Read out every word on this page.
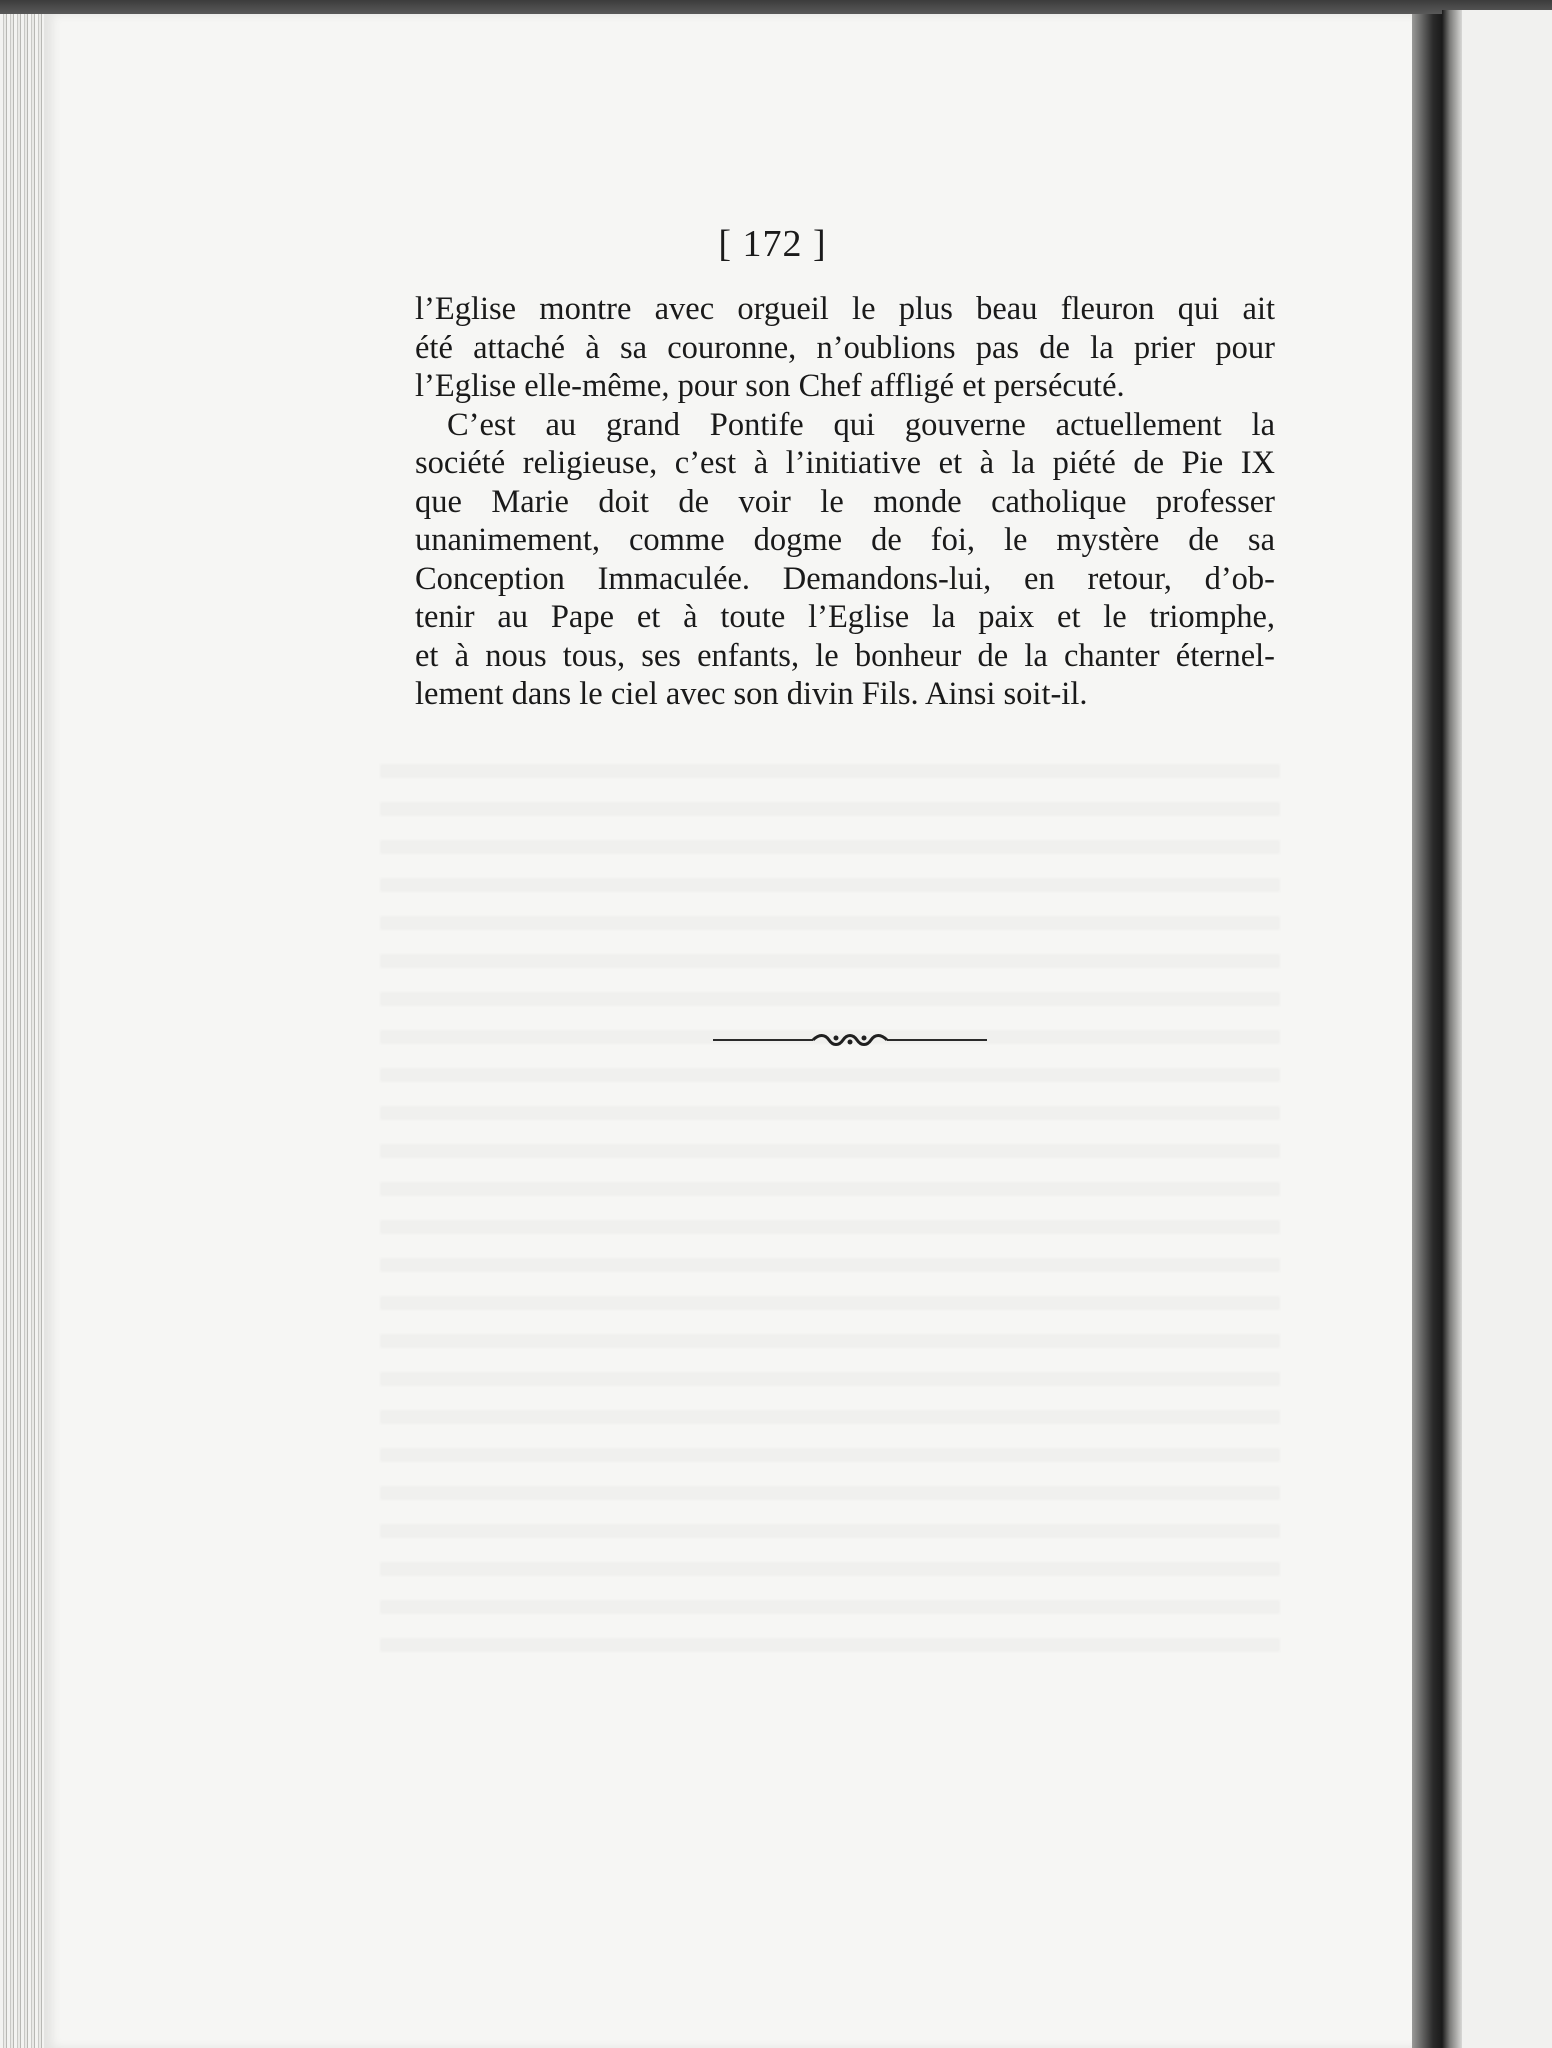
[ 172 ]
l’Eglise montre avec orgueil le plus beau fleuron qui ait
été attaché à sa couronne, n’oublions pas de la prier pour
l’Eglise elle-même, pour son Chef affligé et persécuté.
C’est au grand Pontife qui gouverne actuellement la
société religieuse, c’est à l’initiative et à la piété de Pie IX
que Marie doit de voir le monde catholique professer
unanimement, comme dogme de foi, le mystère de sa
Conception Immaculée. Demandons-lui, en retour, d’ob-
tenir au Pape et à toute l’Eglise la paix et le triomphe,
et à nous tous, ses enfants, le bonheur de la chanter éternel-
lement dans le ciel avec son divin Fils. Ainsi soit-il.
